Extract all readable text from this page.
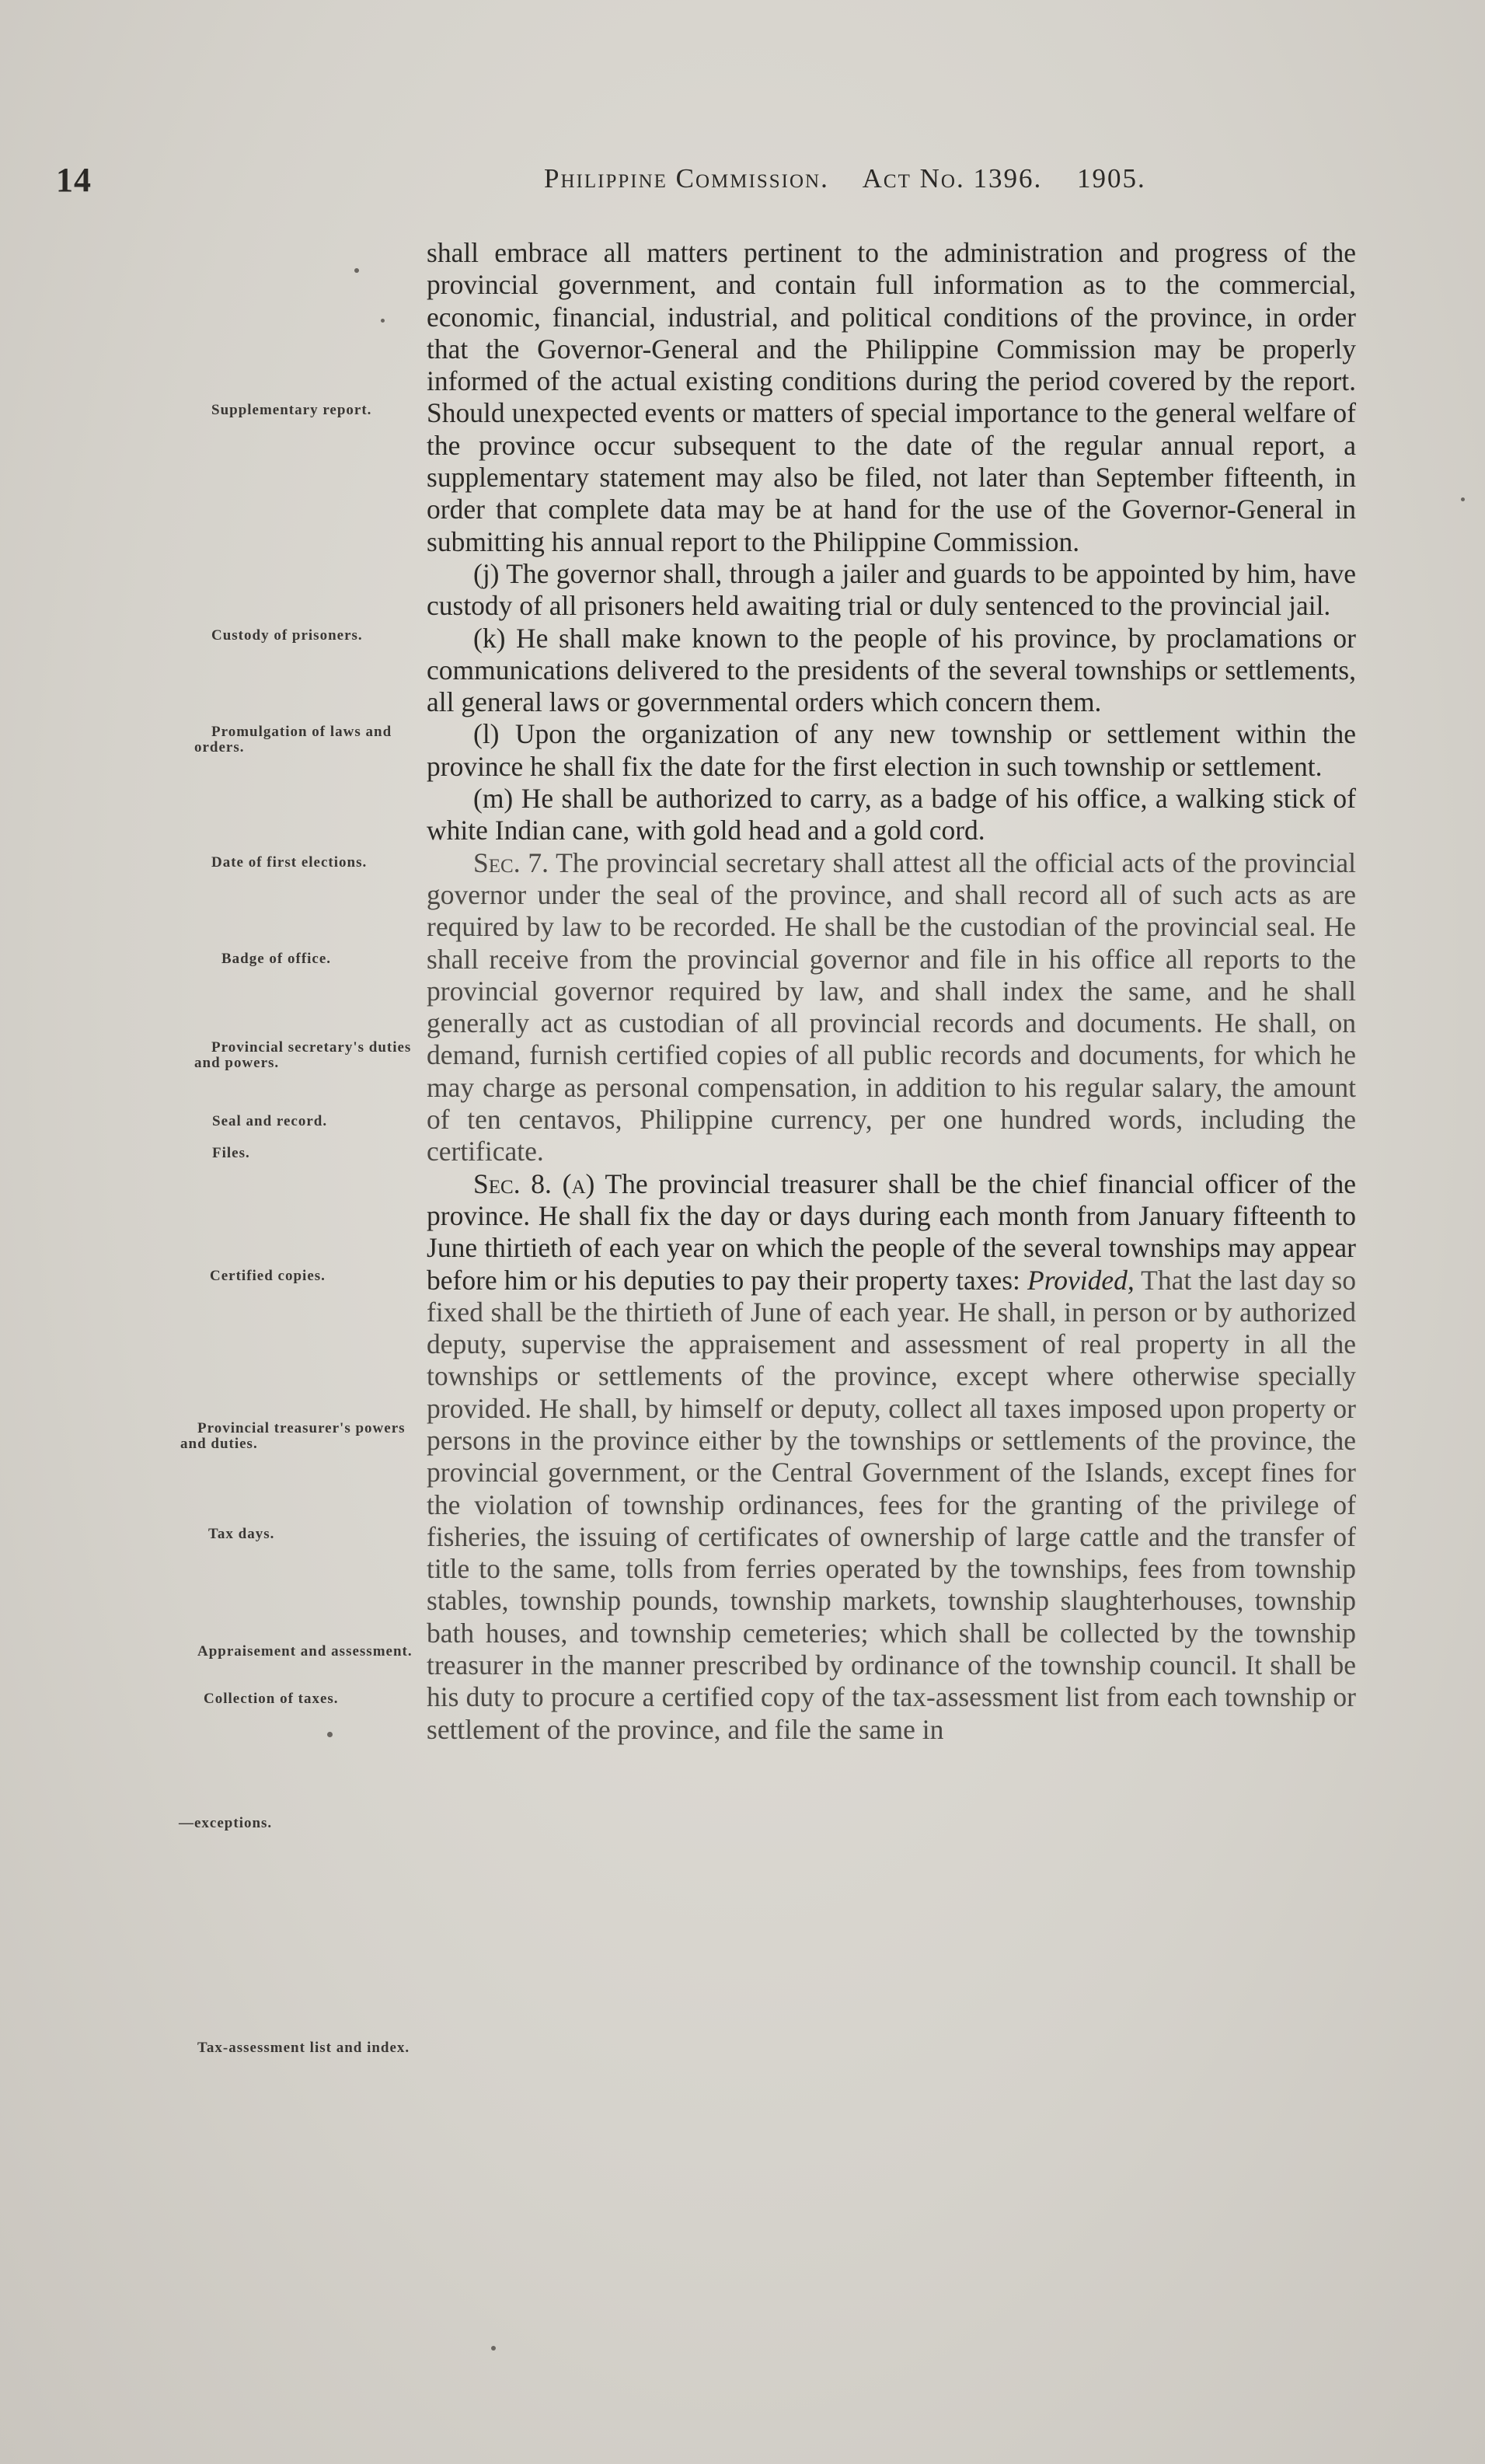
14	Philippine Commission. Act No. 1396. 1905.
Supplementary report.
Custody of prisoners.
Promulgation of laws and orders.
Date of first elections.
Badge of office.
Provincial secretary's duties and powers.
Seal and record.
Files.
Certified copies.
Provincial treasurer's powers and duties.
Tax days.
Appraisement and assessment.
Collection of taxes.
—exceptions.
Tax-assessment list and index.

shall embrace all matters pertinent to the administration and progress of the provincial government, and contain full information as to the commercial, economic, financial, industrial, and political conditions of the province, in order that the Governor-General and the Philippine Commission may be properly informed of the actual existing conditions during the period covered by the report. Should unexpected events or matters of special importance to the general welfare of the province occur subsequent to the date of the regular annual report, a supplementary statement may also be filed, not later than September fifteenth, in order that complete data may be at hand for the use of the Governor-General in submitting his annual report to the Philippine Commission.

(j) The governor shall, through a jailer and guards to be appointed by him, have custody of all prisoners held awaiting trial or duly sentenced to the provincial jail.

(k) He shall make known to the people of his province, by proclamations or communications delivered to the presidents of the several townships or settlements, all general laws or governmental orders which concern them.

(l) Upon the organization of any new township or settlement within the province he shall fix the date for the first election in such township or settlement.

(m) He shall be authorized to carry, as a badge of his office, a walking stick of white Indian cane, with gold head and a gold cord.

Sec. 7. The provincial secretary shall attest all the official acts of the provincial governor under the seal of the province, and shall record all of such acts as are required by law to be recorded. He shall be the custodian of the provincial seal. He shall receive from the provincial governor and file in his office all reports to the provincial governor required by law, and shall index the same, and he shall generally act as custodian of all provincial records and documents. He shall, on demand, furnish certified copies of all public records and documents, for which he may charge as personal compensation, in addition to his regular salary, the amount of ten centavos, Philippine currency, per one hundred words, including the certificate.

Sec. 8. (a) The provincial treasurer shall be the chief financial officer of the province. He shall fix the day or days during each month from January fifteenth to June thirtieth of each year on which the people of the several townships may appear before him or his deputies to pay their property taxes: Provided, That the last day so fixed shall be the thirtieth of June of each year. He shall, in person or by authorized deputy, supervise the appraisement and assessment of real property in all the townships or settlements of the province, except where otherwise specially provided. He shall, by himself or deputy, collect all taxes imposed upon property or persons in the province either by the townships or settlements of the province, the provincial government, or the Central Government of the Islands, except fines for the violation of township ordinances, fees for the granting of the privilege of fisheries, the issuing of certificates of ownership of large cattle and the transfer of title to the same, tolls from ferries operated by the townships, fees from township stables, township pounds, township markets, township slaughterhouses, township bath houses, and township cemeteries; which shall be collected by the township treasurer in the manner prescribed by ordinance of the township council. It shall be his duty to procure a certified copy of the tax-assessment list from each township or settlement of the province, and file the same in
